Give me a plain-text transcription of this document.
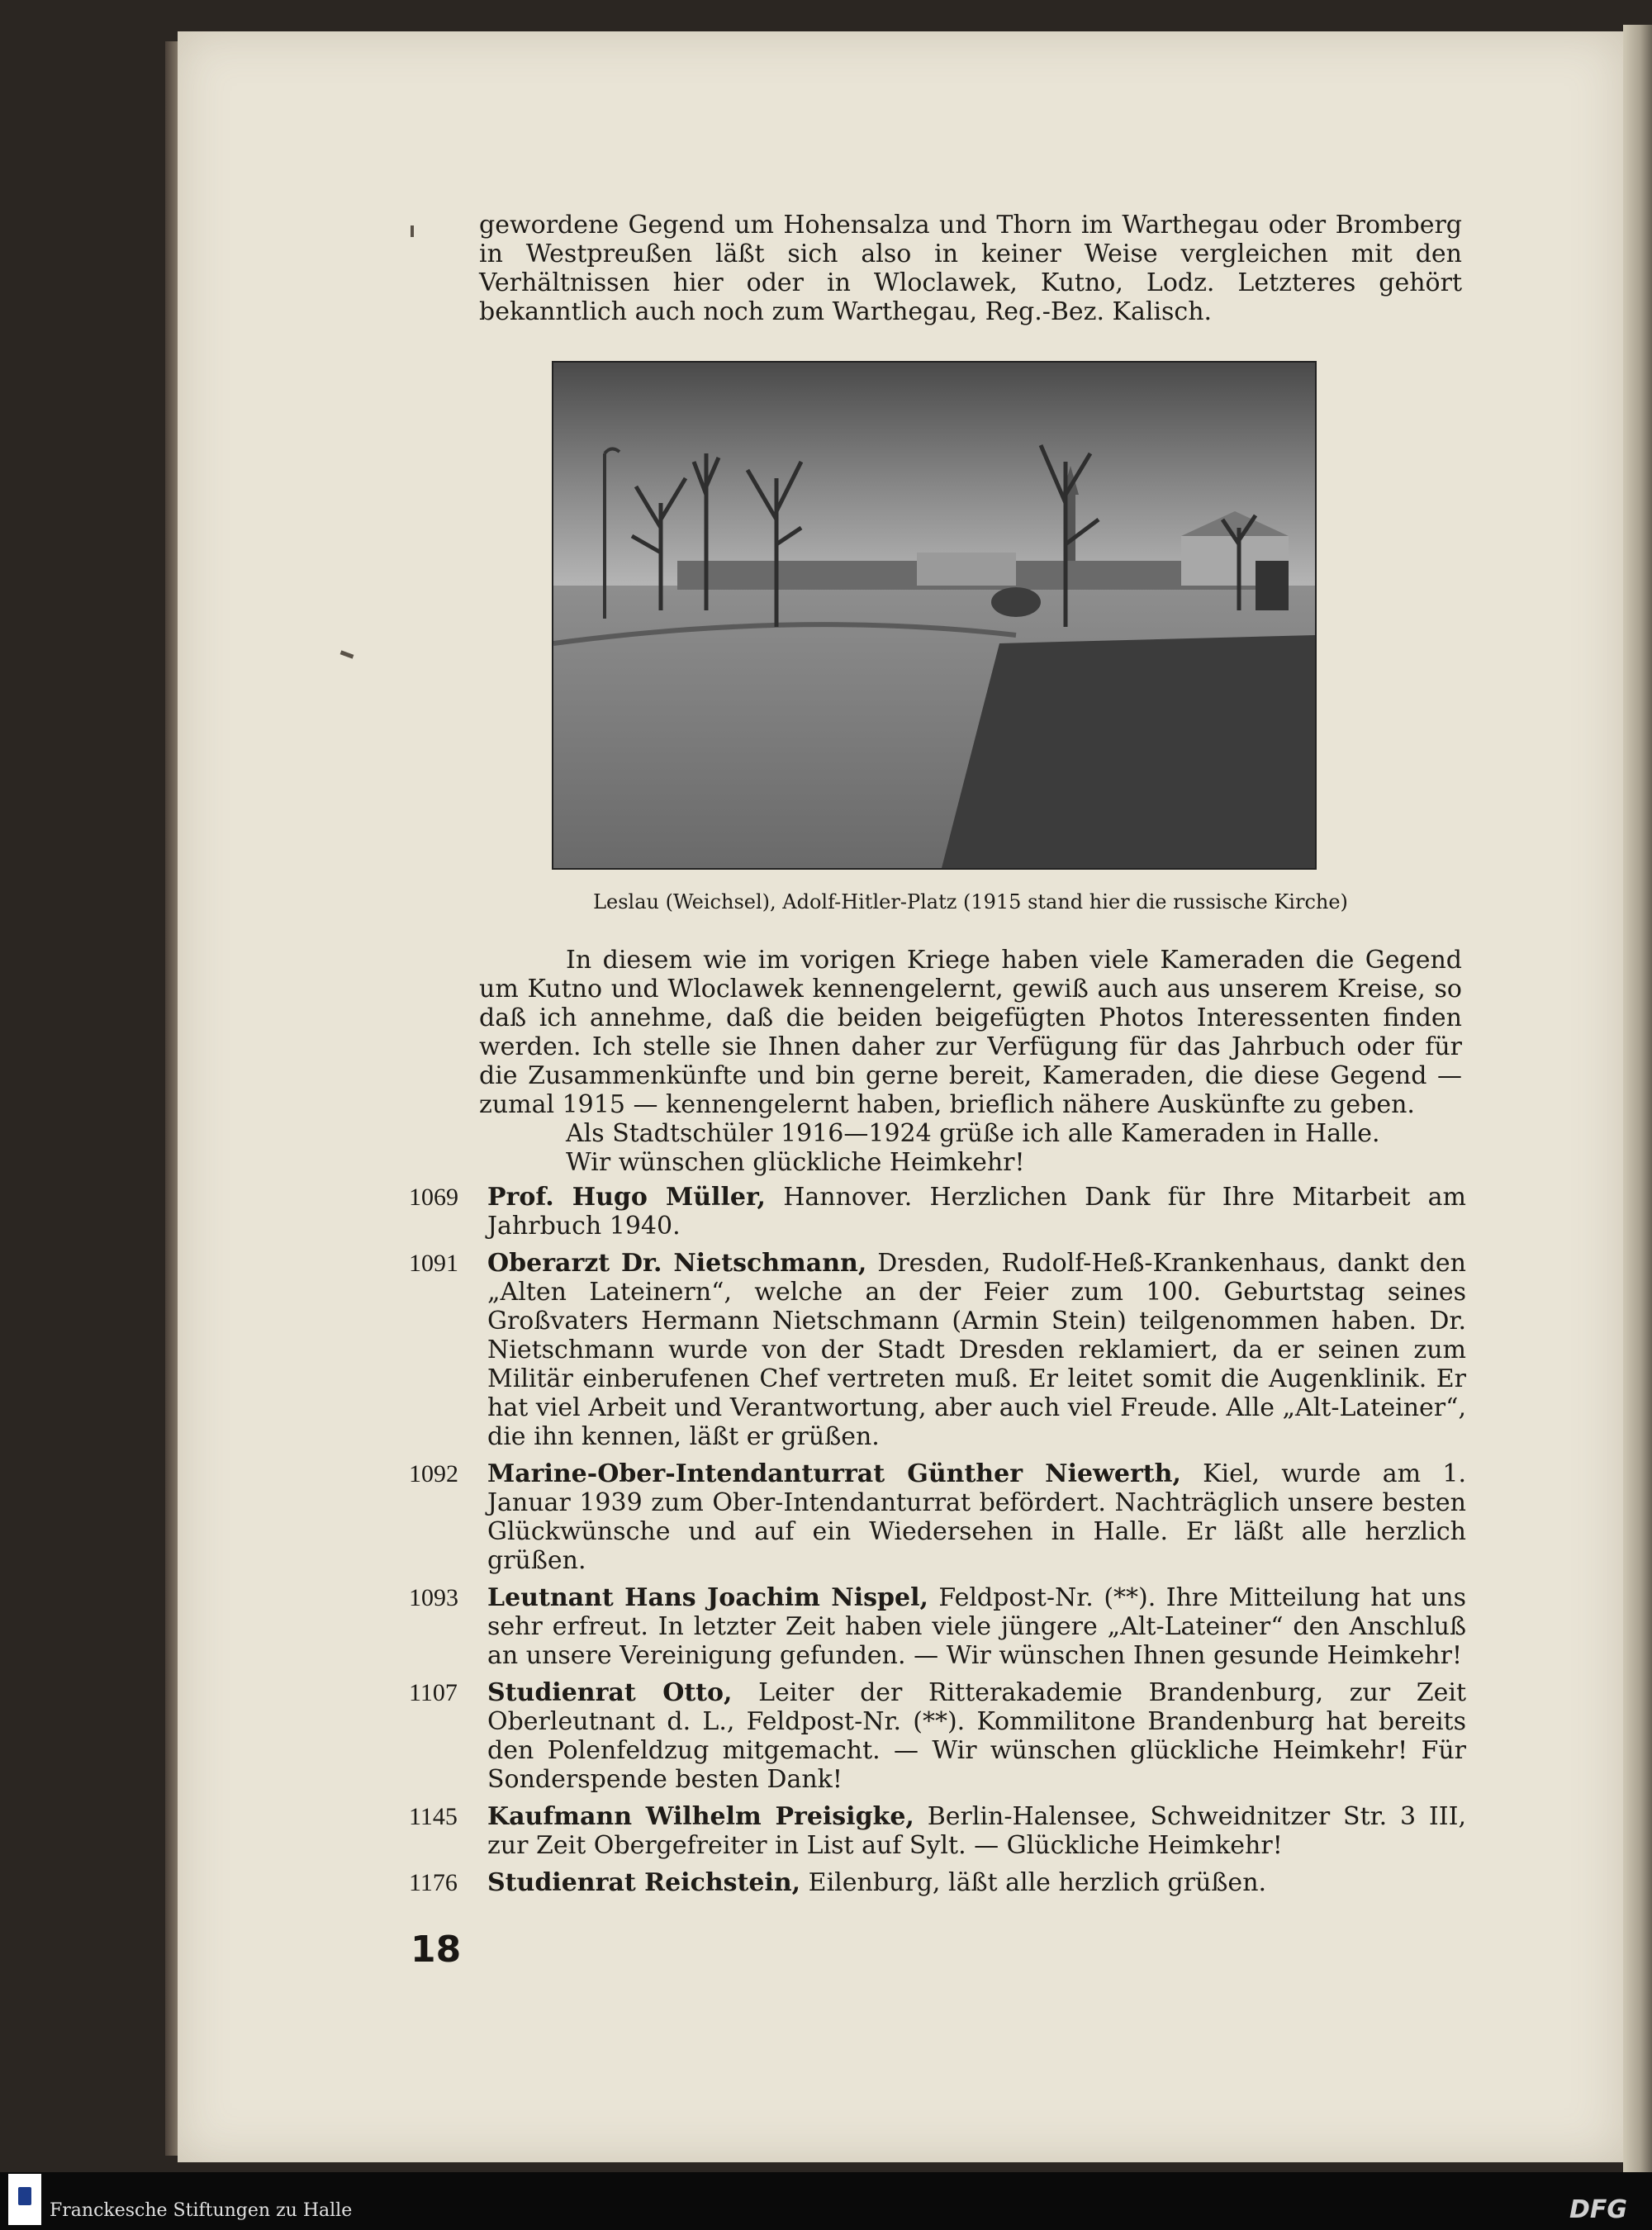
gewordene Gegend um Hohensalza und Thorn im Warthegau oder Bromberg in Westpreußen läßt sich also in keiner Weise vergleichen mit den Verhältnissen hier oder in Wloclawek, Kutno, Lodz. Letzteres gehört bekanntlich auch noch zum Warthegau, Reg.-Bez. Kalisch.
Leslau (Weichsel), Adolf-Hitler-Platz (1915 stand hier die russische Kirche)

In diesem wie im vorigen Kriege haben viele Kameraden die Gegend um Kutno und Wloclawek kennengelernt, gewiß auch aus unserem Kreise, so daß ich annehme, daß die beiden beigefügten Photos Interessenten finden werden. Ich stelle sie Ihnen daher zur Verfügung für das Jahrbuch oder für die Zusammenkünfte und bin gerne bereit, Kameraden, die diese Gegend — zumal 1915 — kennengelernt haben, brieflich nähere Auskünfte zu geben.

Als Stadtschüler 1916—1924 grüße ich alle Kameraden in Halle.

Wir wünschen glückliche Heimkehr!

1069	Prof. Hugo Müller, Hannover. Herzlichen Dank für Ihre Mitarbeit am Jahrbuch 1940.
1091	Oberarzt Dr. Nietschmann, Dresden, Rudolf-Heß-Krankenhaus, dankt den „Alten Lateinern“, welche an der Feier zum 100. Geburtstag seines Großvaters Hermann Nietschmann (Armin Stein) teilgenommen haben. Dr. Nietschmann wurde von der Stadt Dresden reklamiert, da er seinen zum Militär einberufenen Chef vertreten muß. Er leitet somit die Augenklinik. Er hat viel Arbeit und Verantwortung, aber auch viel Freude. Alle „Alt-Lateiner“, die ihn kennen, läßt er grüßen.
1092	Marine-Ober-Intendanturrat Günther Niewerth, Kiel, wurde am 1. Januar 1939 zum Ober-Intendanturrat befördert. Nachträglich unsere besten Glückwünsche und auf ein Wiedersehen in Halle. Er läßt alle herzlich grüßen.
1093	Leutnant Hans Joachim Nispel, Feldpost-Nr. (**). Ihre Mitteilung hat uns sehr erfreut. In letzter Zeit haben viele jüngere „Alt-Lateiner“ den Anschluß an unsere Vereinigung gefunden. — Wir wünschen Ihnen gesunde Heimkehr!
1107	Studienrat Otto, Leiter der Ritterakademie Brandenburg, zur Zeit Oberleutnant d. L., Feldpost-Nr. (**). Kommilitone Brandenburg hat bereits den Polenfeldzug mitgemacht. — Wir wünschen glückliche Heimkehr! Für Sonderspende besten Dank!
1145	Kaufmann Wilhelm Preisigke, Berlin-Halensee, Schweidnitzer Str. 3 III, zur Zeit Obergefreiter in List auf Sylt. — Glückliche Heimkehr!
1176	Studienrat Reichstein, Eilenburg, läßt alle herzlich grüßen.
18
Franckesche Stiftungen zu Halle	DFG
